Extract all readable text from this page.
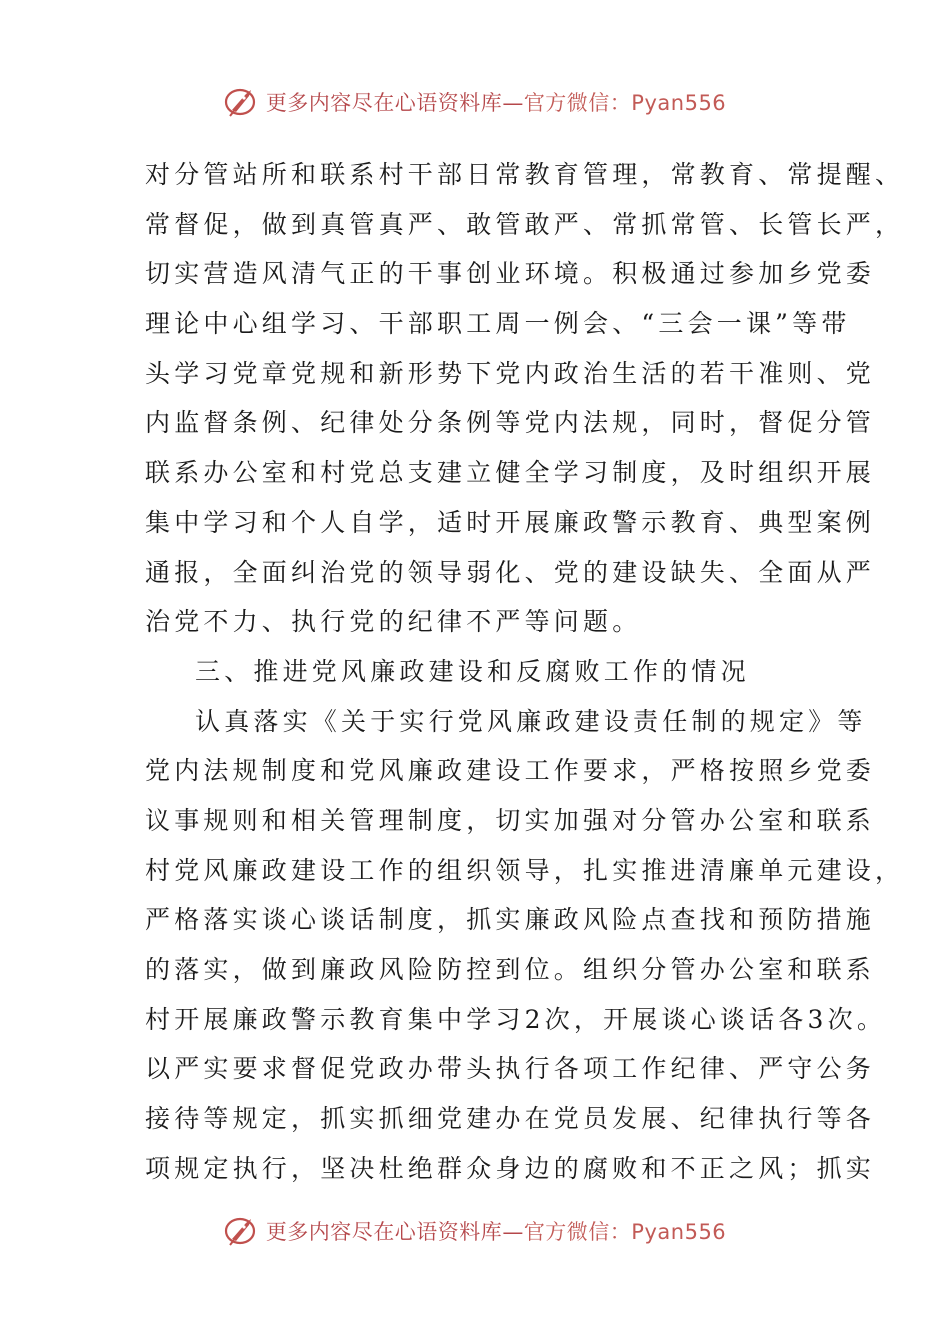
更多内容尽在心语资料库—官方微信：Pyan556
对分管站所和联系村干部日常教育管理，常教育、常提醒、
常督促，做到真管真严、敢管敢严、常抓常管、长管长严，
切实营造风清气正的干事创业环境。积极通过参加乡党委
理论中心组学习、干部职工周一例会、“三会一课”等带
头学习党章党规和新形势下党内政治生活的若干准则、党
内监督条例、纪律处分条例等党内法规，同时，督促分管
联系办公室和村党总支建立健全学习制度，及时组织开展
集中学习和个人自学，适时开展廉政警示教育、典型案例
通报，全面纠治党的领导弱化、党的建设缺失、全面从严
治党不力、执行党的纪律不严等问题。
三、推进党风廉政建设和反腐败工作的情况
认真落实《关于实行党风廉政建设责任制的规定》等
党内法规制度和党风廉政建设工作要求，严格按照乡党委
议事规则和相关管理制度，切实加强对分管办公室和联系
村党风廉政建设工作的组织领导，扎实推进清廉单元建设，
严格落实谈心谈话制度，抓实廉政风险点查找和预防措施
的落实，做到廉政风险防控到位。组织分管办公室和联系
村开展廉政警示教育集中学习2次，开展谈心谈话各3次。
以严实要求督促党政办带头执行各项工作纪律、严守公务
接待等规定，抓实抓细党建办在党员发展、纪律执行等各
项规定执行，坚决杜绝群众身边的腐败和不正之风；抓实
更多内容尽在心语资料库—官方微信：Pyan556
